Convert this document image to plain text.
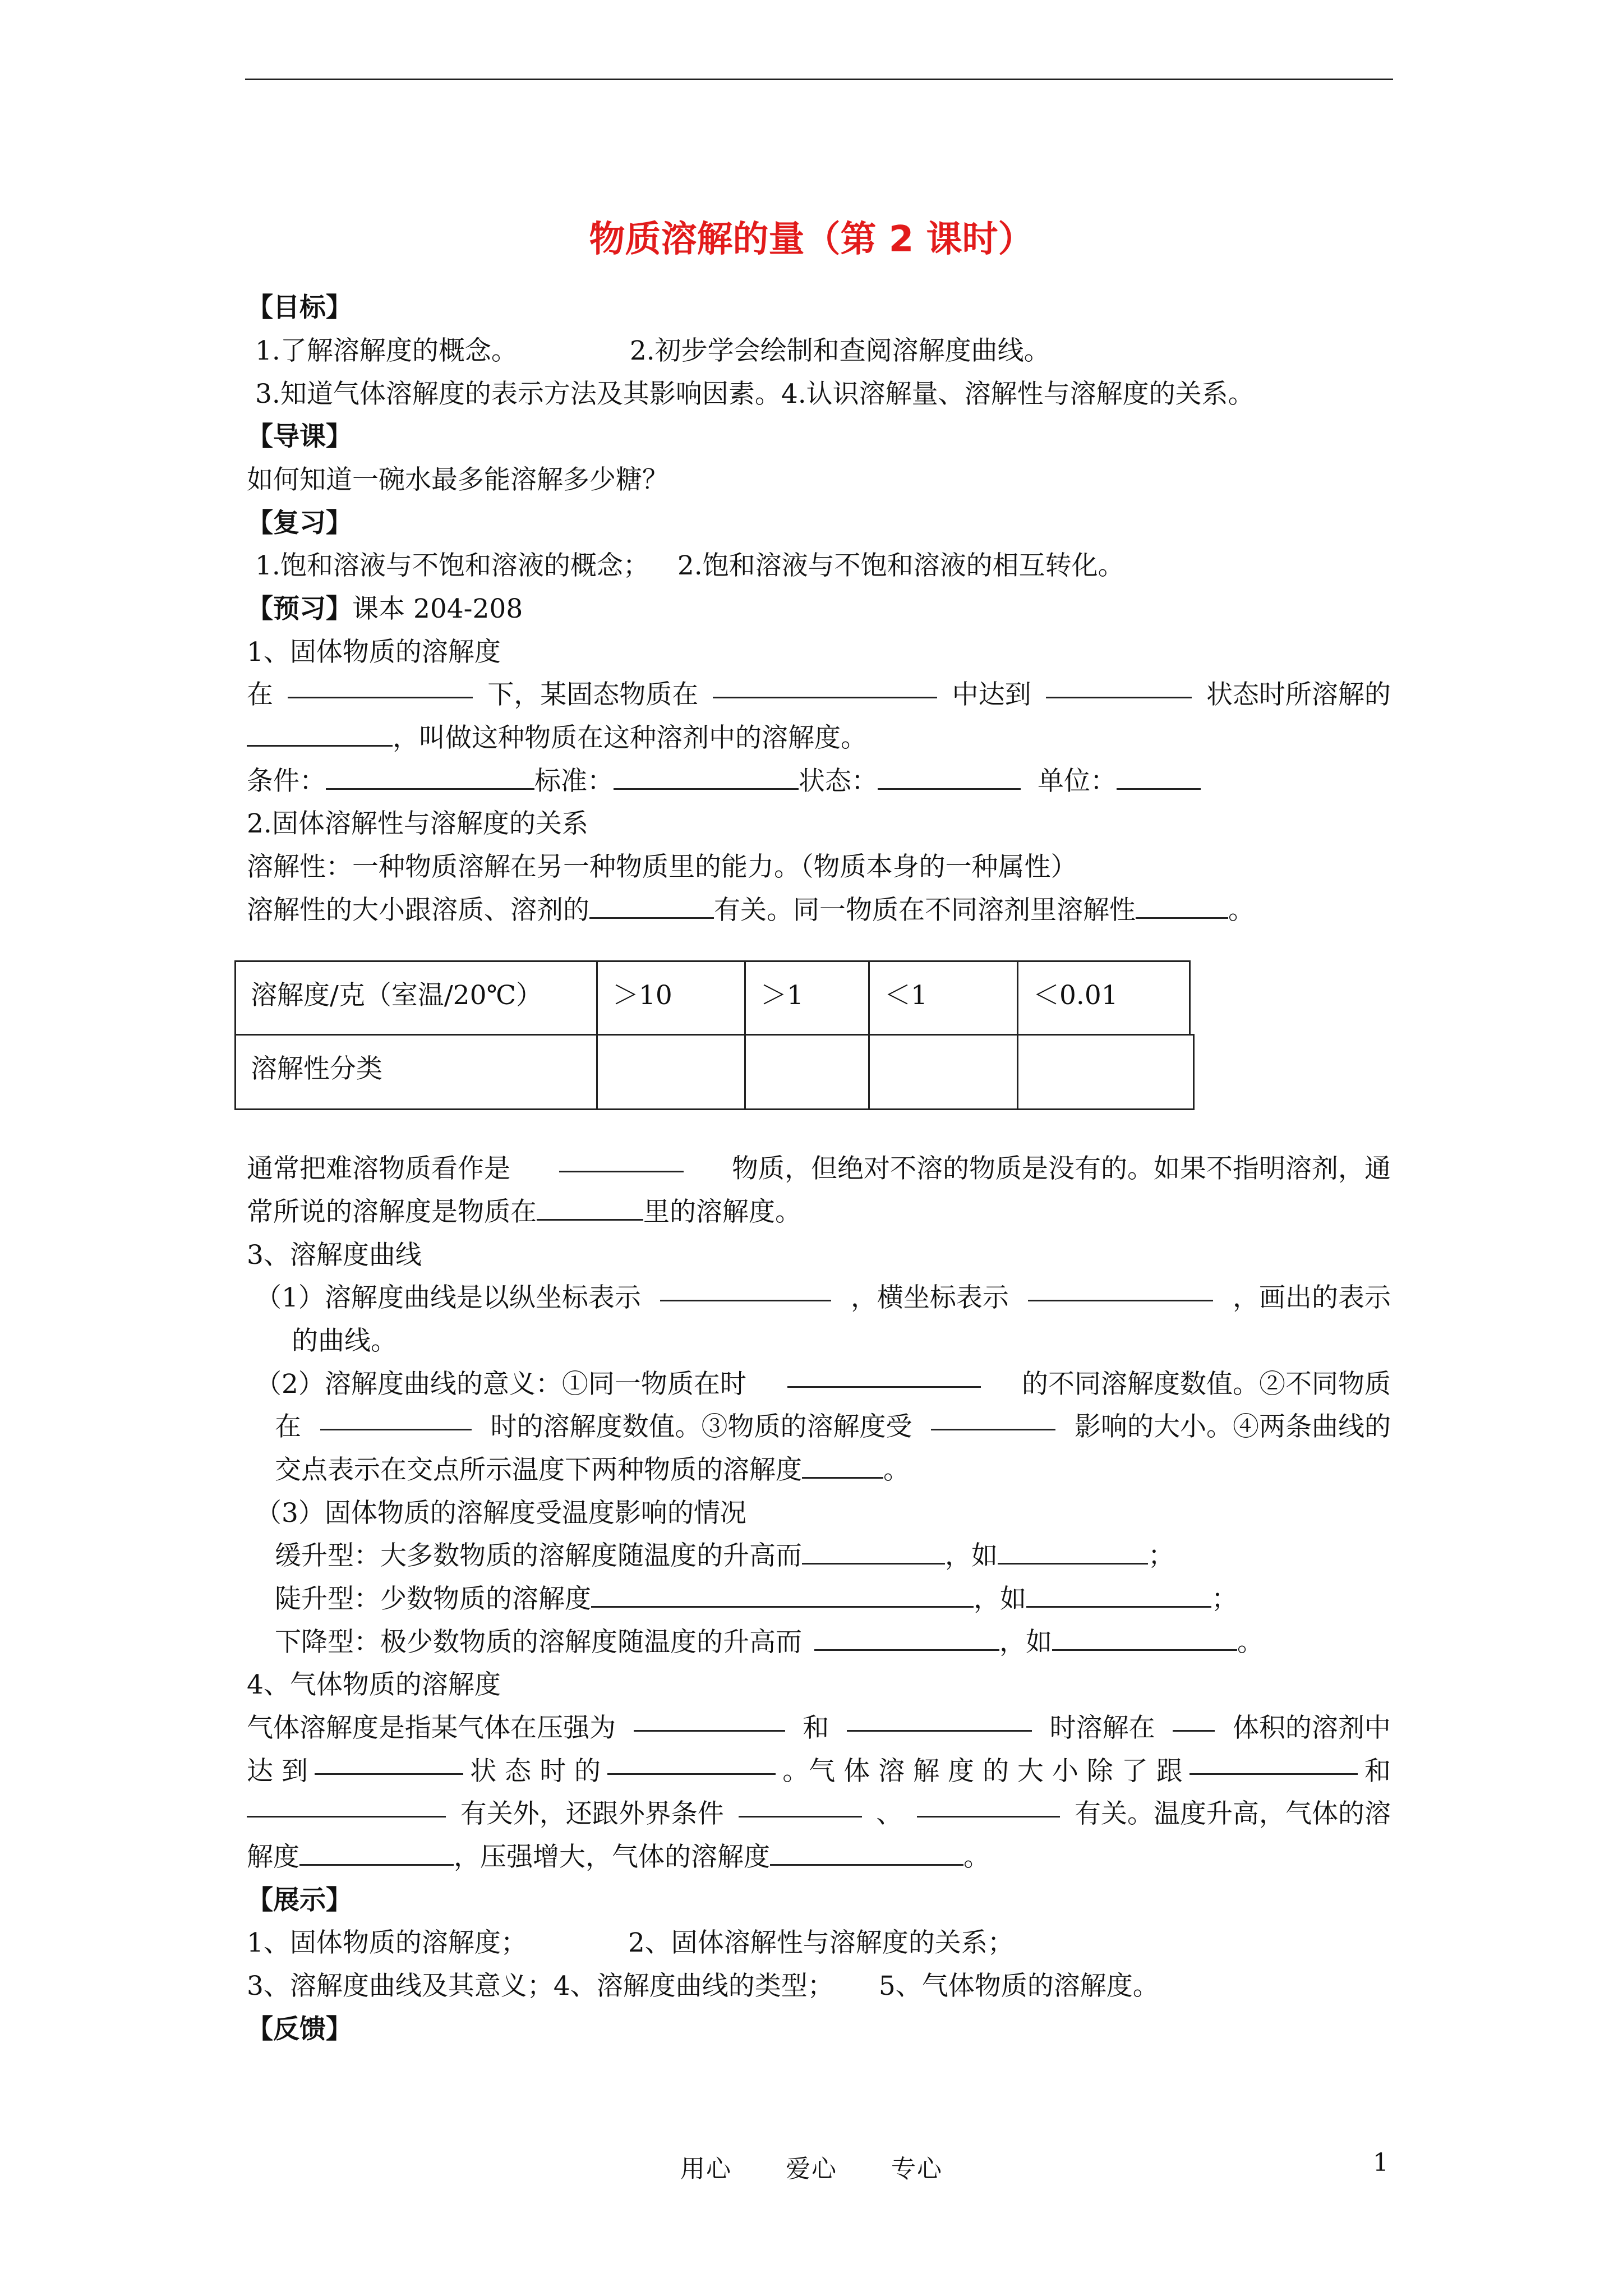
物质溶解的量（第 2 课时）
【目标】
1.了解溶解度的概念。	2.初步学会绘制和查阅溶解度曲线。
3.知道气体溶解度的表示方法及其影响因素。4.认识溶解量、溶解性与溶解度的关系。
【导课】
如何知道一碗水最多能溶解多少糖？
【复习】
1.饱和溶液与不饱和溶液的概念； 2.饱和溶液与不饱和溶液的相互转化。
【预习】课本 204-208
1、固体物质的溶解度
在	下，某固态物质在	中达到	状态时所溶解的
，叫做这种物质在这种溶剂中的溶解度。
条件：	标准：	状态：	单位：
2.固体溶解性与溶解度的关系
溶解性：一种物质溶解在另一种物质里的能力。（物质本身的一种属性）
溶解性的大小跟溶质、溶剂的	有关。同一物质在不同溶剂里溶解性	。
溶解度/克（室温/20℃）	＞10	＞1	＜1	＜0.01
溶解性分类
通常把难溶物质看作是	物质，但绝对不溶的物质是没有的。如果不指明溶剂，通
常所说的溶解度是物质在	里的溶解度。
3、溶解度曲线
（1）溶解度曲线是以纵坐标表示	，横坐标表示	，画出的表示
的曲线。
（2）溶解度曲线的意义：①同一物质在时	的不同溶解度数值。②不同物质
在	时的溶解度数值。③物质的溶解度受	影响的大小。④两条曲线的
交点表示在交点所示温度下两种物质的溶解度	。
（3）固体物质的溶解度受温度影响的情况
缓升型：大多数物质的溶解度随温度的升高而	，如	；
陡升型：少数物质的溶解度	，如	；
下降型：极少数物质的溶解度随温度的升高而	，如	。
4、气体物质的溶解度
气体溶解度是指某气体在压强为	和	时溶解在	体积的溶剂中
达 到	状 态 时 的	。气 体 溶 解 度 的 大 小 除 了 跟	和
有关外，还跟外界条件	、	有关。温度升高，气体的溶
解度	，压强增大，气体的溶解度	。
【展示】
1、固体物质的溶解度；	2、固体溶解性与溶解度的关系；
3、溶解度曲线及其意义；4、溶解度曲线的类型； 5、气体物质的溶解度。
【反馈】
用心 爱心 专心	1
